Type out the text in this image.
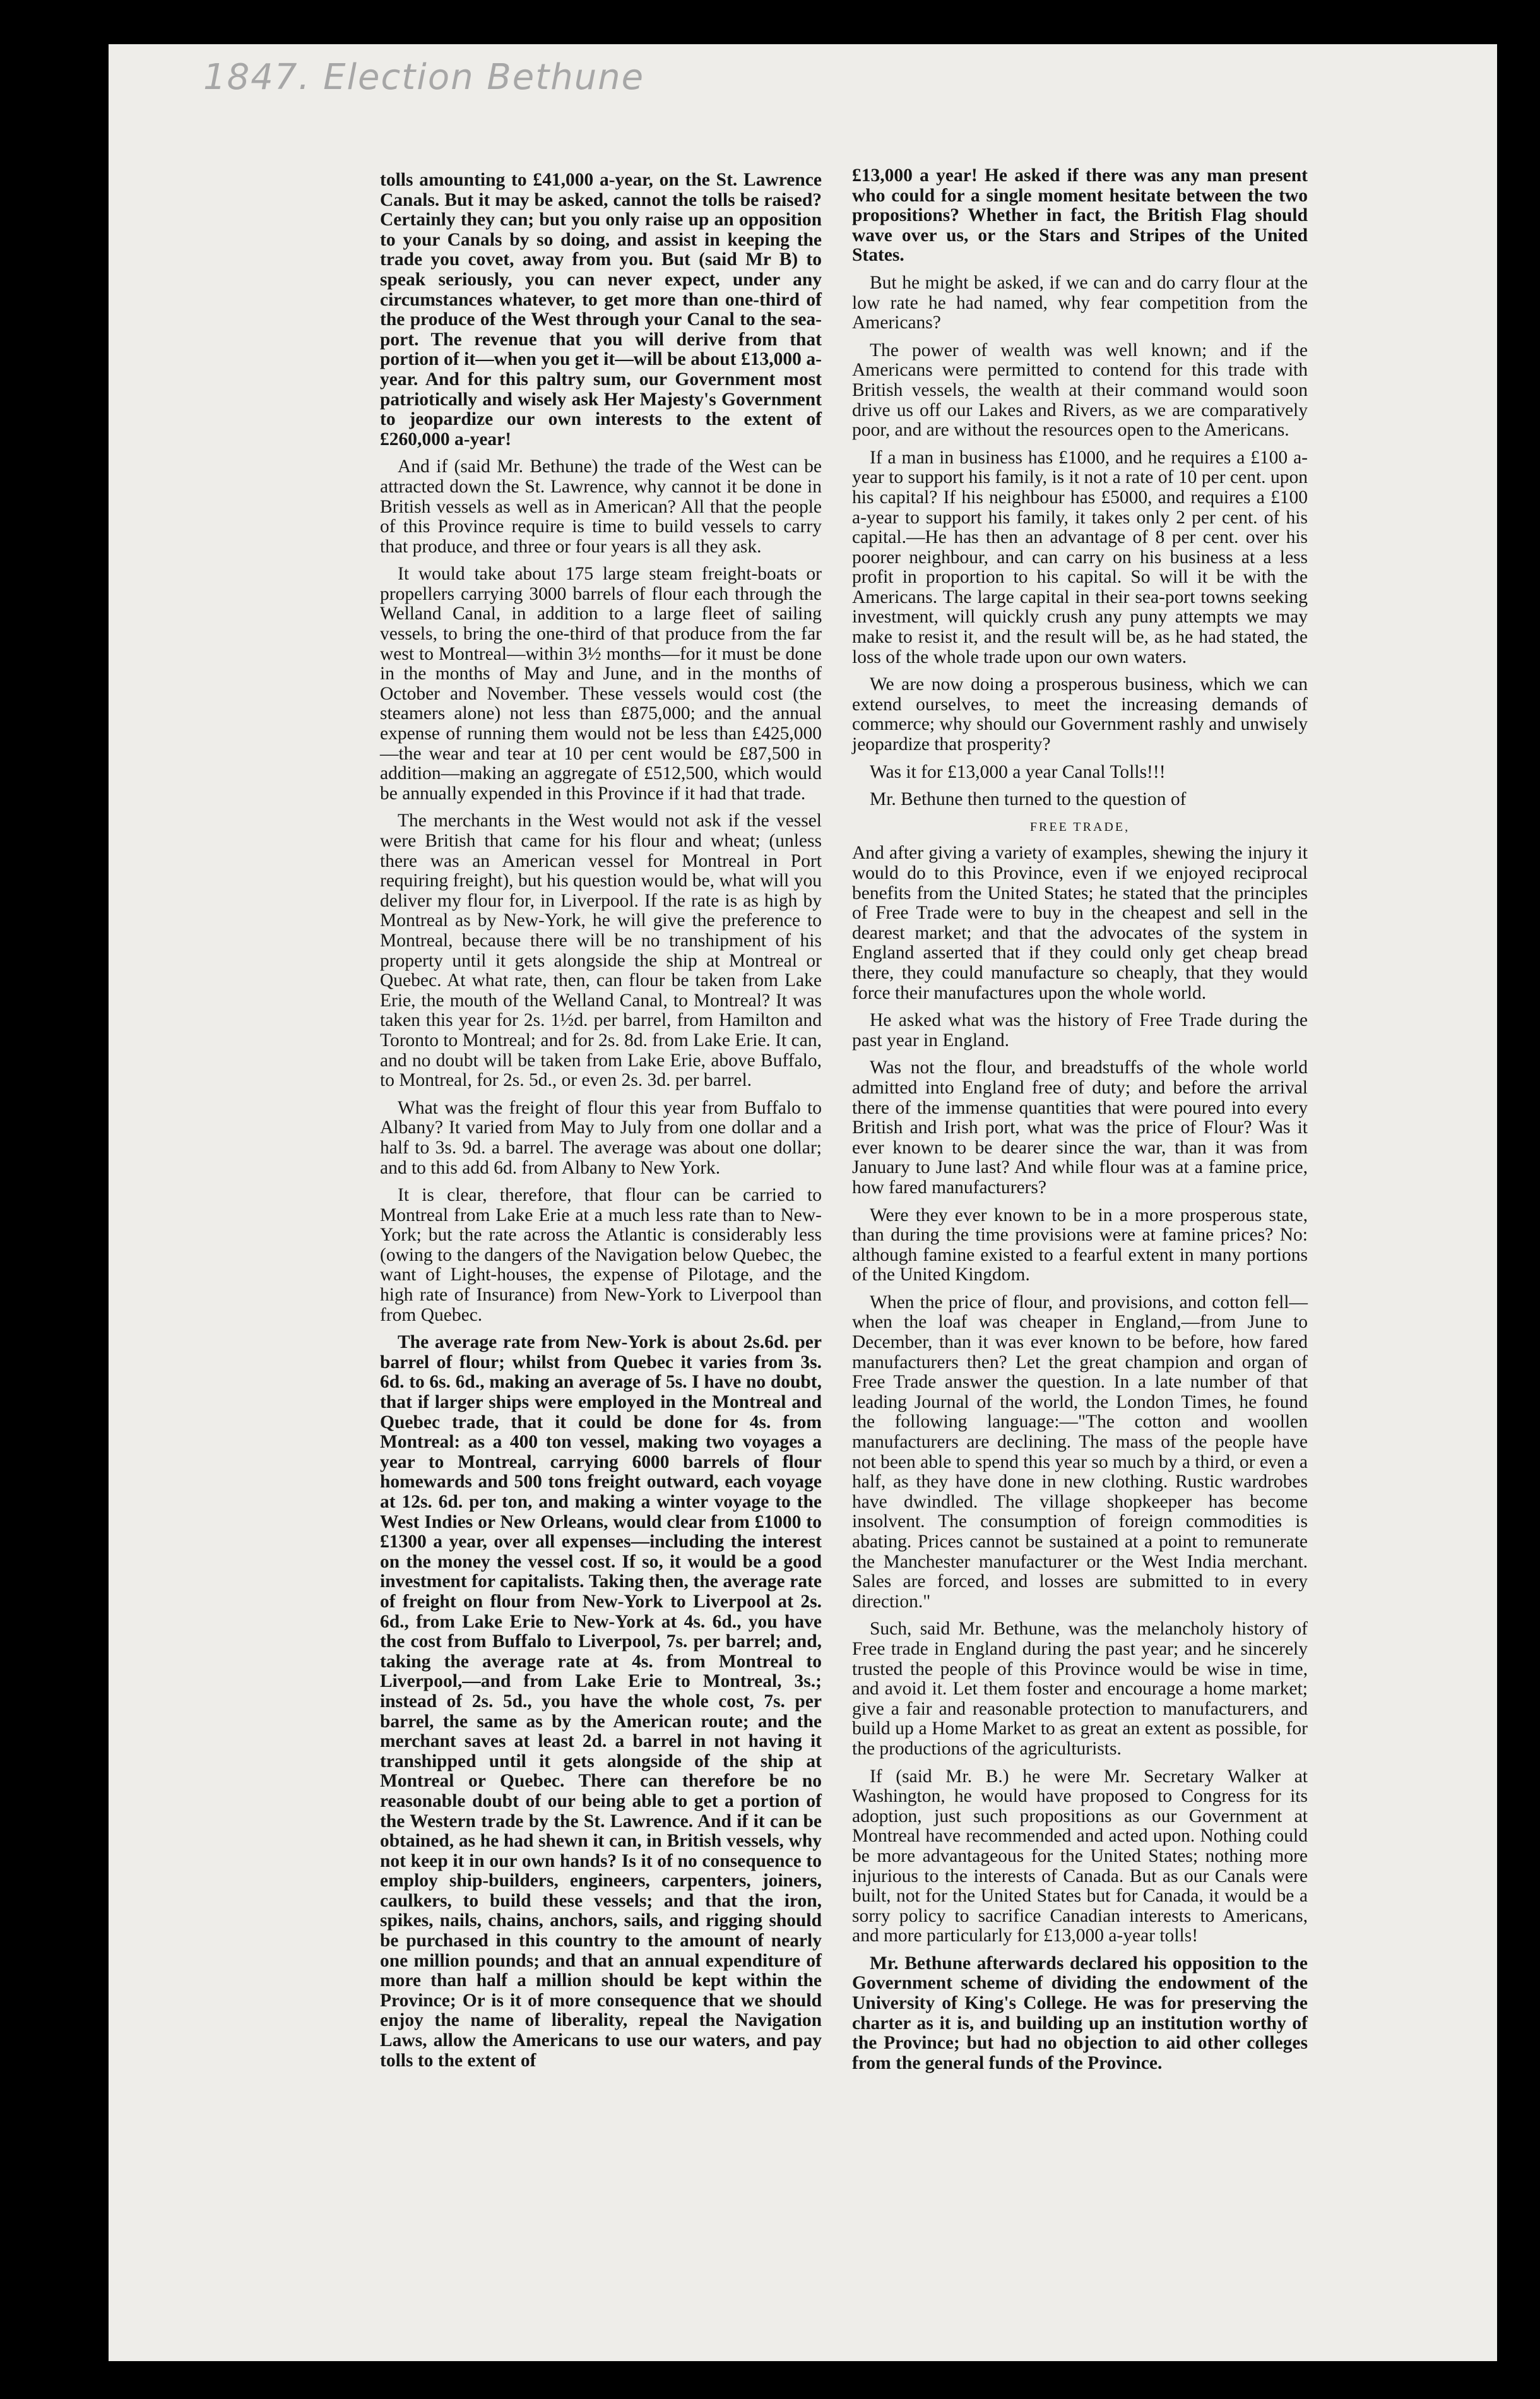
1847. Election Bethune

tolls amounting to £41,000 a-year, on the St. Lawrence Canals. But it may be asked, cannot the tolls be raised? Certainly they can; but you only raise up an opposition to your Canals by so doing, and assist in keeping the trade you covet, away from you. But (said Mr B) to speak seriously, you can never expect, under any circumstances whatever, to get more than one-third of the produce of the West through your Canal to the sea-port. The revenue that you will derive from that portion of it—when you get it—will be about £13,000 a-year. And for this paltry sum, our Government most patriotically and wisely ask Her Majesty's Government to jeopardize our own interests to the extent of £260,000 a-year!

And if (said Mr. Bethune) the trade of the West can be attracted down the St. Lawrence, why cannot it be done in British vessels as well as in American? All that the people of this Province require is time to build vessels to carry that produce, and three or four years is all they ask.

It would take about 175 large steam freight-boats or propellers carrying 3000 barrels of flour each through the Welland Canal, in addition to a large fleet of sailing vessels, to bring the one-third of that produce from the far west to Montreal—within 3½ months—for it must be done in the months of May and June, and in the months of October and November. These vessels would cost (the steamers alone) not less than £875,000; and the annual expense of running them would not be less than £425,000—the wear and tear at 10 per cent would be £87,500 in addition—making an aggregate of £512,500, which would be annually expended in this Province if it had that trade.

The merchants in the West would not ask if the vessel were British that came for his flour and wheat; (unless there was an American vessel for Montreal in Port requiring freight), but his question would be, what will you deliver my flour for, in Liverpool. If the rate is as high by Montreal as by New-York, he will give the preference to Montreal, because there will be no transhipment of his property until it gets alongside the ship at Montreal or Quebec. At what rate, then, can flour be taken from Lake Erie, the mouth of the Welland Canal, to Montreal? It was taken this year for 2s. 1½d. per barrel, from Hamilton and Toronto to Montreal; and for 2s. 8d. from Lake Erie. It can, and no doubt will be taken from Lake Erie, above Buffalo, to Montreal, for 2s. 5d., or even 2s. 3d. per barrel.

What was the freight of flour this year from Buffalo to Albany? It varied from May to July from one dollar and a half to 3s. 9d. a barrel. The average was about one dollar; and to this add 6d. from Albany to New York.

It is clear, therefore, that flour can be carried to Montreal from Lake Erie at a much less rate than to New-York; but the rate across the Atlantic is considerably less (owing to the dangers of the Navigation below Quebec, the want of Light-houses, the expense of Pilotage, and the high rate of Insurance) from New-York to Liverpool than from Quebec.

The average rate from New-York is about 2s.6d. per barrel of flour; whilst from Quebec it varies from 3s. 6d. to 6s. 6d., making an average of 5s. I have no doubt, that if larger ships were employed in the Montreal and Quebec trade, that it could be done for 4s. from Montreal: as a 400 ton vessel, making two voyages a year to Montreal, carrying 6000 barrels of flour homewards and 500 tons freight outward, each voyage at 12s. 6d. per ton, and making a winter voyage to the West Indies or New Orleans, would clear from £1000 to £1300 a year, over all expenses—including the interest on the money the vessel cost. If so, it would be a good investment for capitalists. Taking then, the average rate of freight on flour from New-York to Liverpool at 2s. 6d., from Lake Erie to New-York at 4s. 6d., you have the cost from Buffalo to Liverpool, 7s. per barrel; and, taking the average rate at 4s. from Montreal to Liverpool,—and from Lake Erie to Montreal, 3s.; instead of 2s. 5d., you have the whole cost, 7s. per barrel, the same as by the American route; and the merchant saves at least 2d. a barrel in not having it transhipped until it gets alongside of the ship at Montreal or Quebec. There can therefore be no reasonable doubt of our being able to get a portion of the Western trade by the St. Lawrence. And if it can be obtained, as he had shewn it can, in British vessels, why not keep it in our own hands? Is it of no consequence to employ ship-builders, engineers, carpenters, joiners, caulkers, to build these vessels; and that the iron, spikes, nails, chains, anchors, sails, and rigging should be purchased in this country to the amount of nearly one million pounds; and that an annual expenditure of more than half a million should be kept within the Province; Or is it of more consequence that we should enjoy the name of liberality, repeal the Navigation Laws, allow the Americans to use our waters, and pay tolls to the extent of

£13,000 a year! He asked if there was any man present who could for a single moment hesitate between the two propositions? Whether in fact, the British Flag should wave over us, or the Stars and Stripes of the United States.

But he might be asked, if we can and do carry flour at the low rate he had named, why fear competition from the Americans?

The power of wealth was well known; and if the Americans were permitted to contend for this trade with British vessels, the wealth at their command would soon drive us off our Lakes and Rivers, as we are comparatively poor, and are without the resources open to the Americans.

If a man in business has £1000, and he requires a £100 a-year to support his family, is it not a rate of 10 per cent. upon his capital? If his neighbour has £5000, and requires a £100 a-year to support his family, it takes only 2 per cent. of his capital.—He has then an advantage of 8 per cent. over his poorer neighbour, and can carry on his business at a less profit in proportion to his capital. So will it be with the Americans. The large capital in their sea-port towns seeking investment, will quickly crush any puny attempts we may make to resist it, and the result will be, as he had stated, the loss of the whole trade upon our own waters.

We are now doing a prosperous business, which we can extend ourselves, to meet the increasing demands of commerce; why should our Government rashly and unwisely jeopardize that prosperity?

Was it for £13,000 a year Canal Tolls!!!

Mr. Bethune then turned to the question of

FREE TRADE,

And after giving a variety of examples, shewing the injury it would do to this Province, even if we enjoyed reciprocal benefits from the United States; he stated that the principles of Free Trade were to buy in the cheapest and sell in the dearest market; and that the advocates of the system in England asserted that if they could only get cheap bread there, they could manufacture so cheaply, that they would force their manufactures upon the whole world.

He asked what was the history of Free Trade during the past year in England.

Was not the flour, and breadstuffs of the whole world admitted into England free of duty; and before the arrival there of the immense quantities that were poured into every British and Irish port, what was the price of Flour? Was it ever known to be dearer since the war, than it was from January to June last? And while flour was at a famine price, how fared manufacturers?

Were they ever known to be in a more prosperous state, than during the time provisions were at famine prices? No: although famine existed to a fearful extent in many portions of the United Kingdom.

When the price of flour, and provisions, and cotton fell—when the loaf was cheaper in England,—from June to December, than it was ever known to be before, how fared manufacturers then? Let the great champion and organ of Free Trade answer the question. In a late number of that leading Journal of the world, the London Times, he found the following language:—"The cotton and woollen manufacturers are declining. The mass of the people have not been able to spend this year so much by a third, or even a half, as they have done in new clothing. Rustic wardrobes have dwindled. The village shopkeeper has become insolvent. The consumption of foreign commodities is abating. Prices cannot be sustained at a point to remunerate the Manchester manufacturer or the West India merchant. Sales are forced, and losses are submitted to in every direction."

Such, said Mr. Bethune, was the melancholy history of Free trade in England during the past year; and he sincerely trusted the people of this Province would be wise in time, and avoid it. Let them foster and encourage a home market; give a fair and reasonable protection to manufacturers, and build up a Home Market to as great an extent as possible, for the productions of the agriculturists.

If (said Mr. B.) he were Mr. Secretary Walker at Washington, he would have proposed to Congress for its adoption, just such propositions as our Government at Montreal have recommended and acted upon. Nothing could be more advantageous for the United States; nothing more injurious to the interests of Canada. But as our Canals were built, not for the United States but for Canada, it would be a sorry policy to sacrifice Canadian interests to Americans, and more particularly for £13,000 a-year tolls!

Mr. Bethune afterwards declared his opposition to the Government scheme of dividing the endowment of the University of King's College. He was for preserving the charter as it is, and building up an institution worthy of the Province; but had no objection to aid other colleges from the general funds of the Province.
